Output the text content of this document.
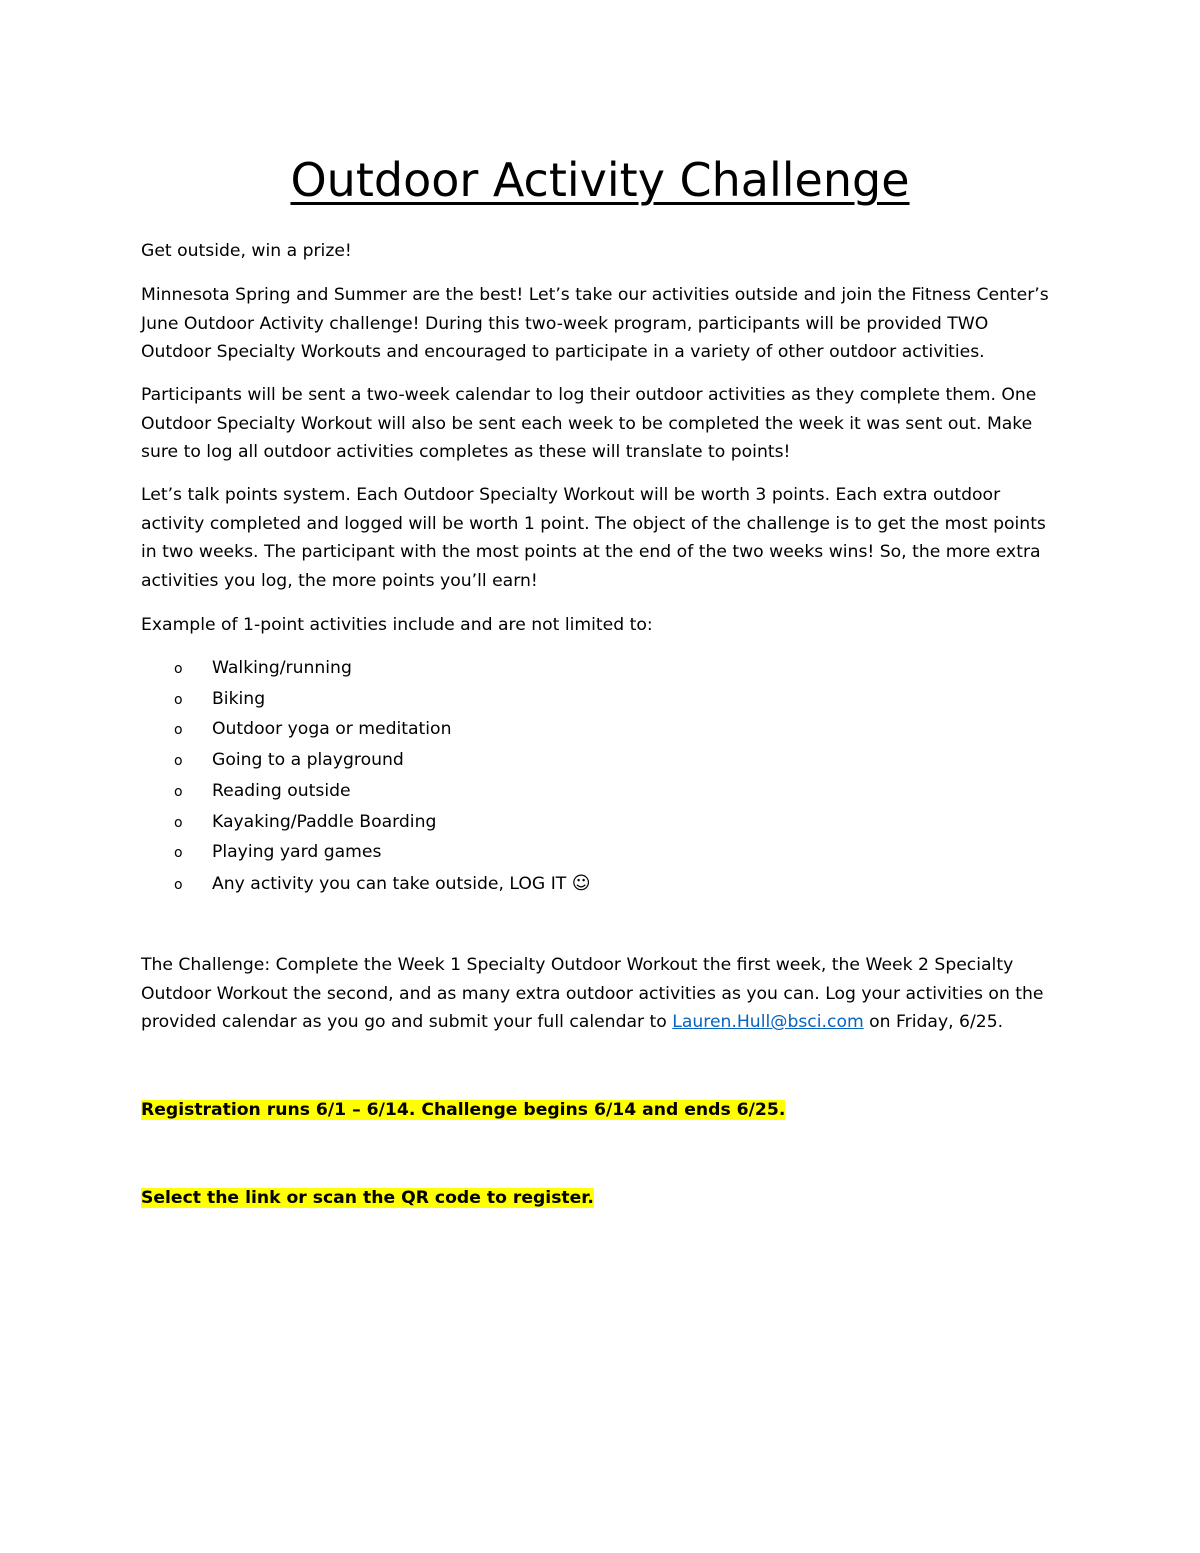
Outdoor Activity Challenge

Get outside, win a prize!

Minnesota Spring and Summer are the best! Let’s take our activities outside and join the Fitness Center’s June Outdoor Activity challenge! During this two-week program, participants will be provided TWO Outdoor Specialty Workouts and encouraged to participate in a variety of other outdoor activities.

Participants will be sent a two-week calendar to log their outdoor activities as they complete them. One Outdoor Specialty Workout will also be sent each week to be completed the week it was sent out. Make sure to log all outdoor activities completes as these will translate to points!

Let’s talk points system. Each Outdoor Specialty Workout will be worth 3 points. Each extra outdoor activity completed and logged will be worth 1 point. The object of the challenge is to get the most points in two weeks. The participant with the most points at the end of the two weeks wins! So, the more extra activities you log, the more points you’ll earn!

Example of 1-point activities include and are not limited to:

o	Walking/running
o	Biking
o	Outdoor yoga or meditation
o	Going to a playground
o	Reading outside
o	Kayaking/Paddle Boarding
o	Playing yard games
o	Any activity you can take outside, LOG IT
☺

The Challenge: Complete the Week 1 Specialty Outdoor Workout the first week, the Week 2 Specialty Outdoor Workout the second, and as many extra outdoor activities as you can. Log your activities on the provided calendar as you go and submit your full calendar to Lauren.Hull@bsci.com on Friday, 6/25.

Registration runs 6/1 – 6/14. Challenge begins 6/14 and ends 6/25.
Select the link or scan the QR code to register.
